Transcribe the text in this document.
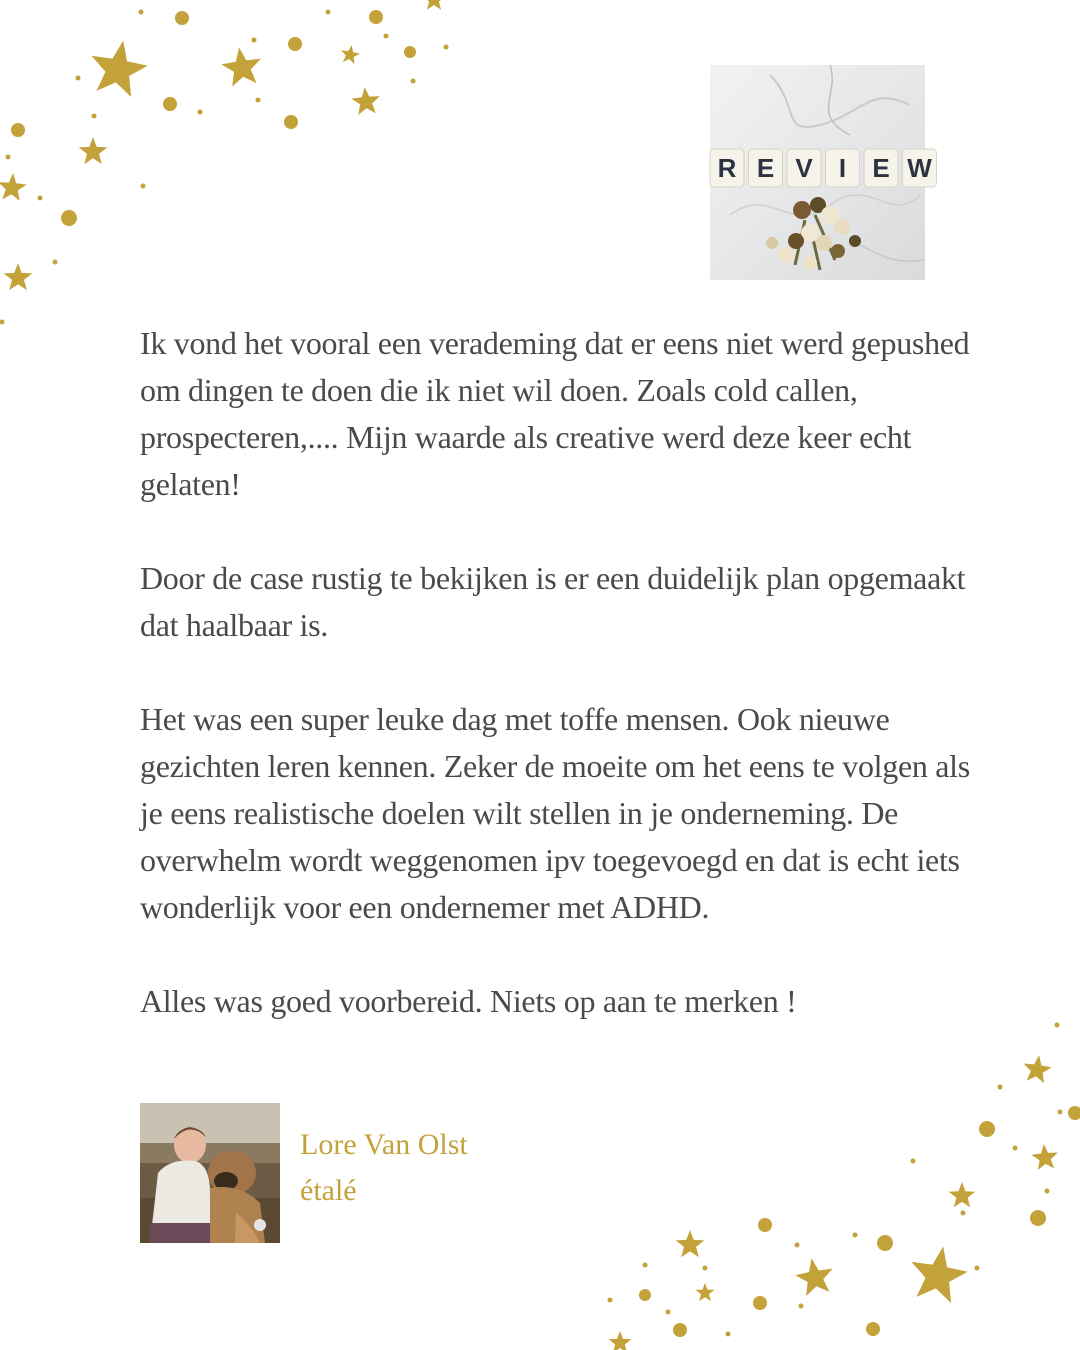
R E V I E W

Ik vond het vooral een verademing dat er eens niet werd gepushed om dingen te doen die ik niet wil doen. Zoals cold callen, prospecteren,.... Mijn waarde als creative werd deze keer echt gelaten!

Door de case rustig te bekijken is er een duidelijk plan opgemaakt dat haalbaar is.

Het was een super leuke dag met toffe mensen. Ook nieuwe gezichten leren kennen. Zeker de moeite om het eens te volgen als je eens realistische doelen wilt stellen in je onderneming. De overwhelm wordt weggenomen ipv toegevoegd en dat is echt iets wonderlijk voor een ondernemer met ADHD.

Alles was goed voorbereid. Niets op aan te merken !

Lore Van Olst
étalé
